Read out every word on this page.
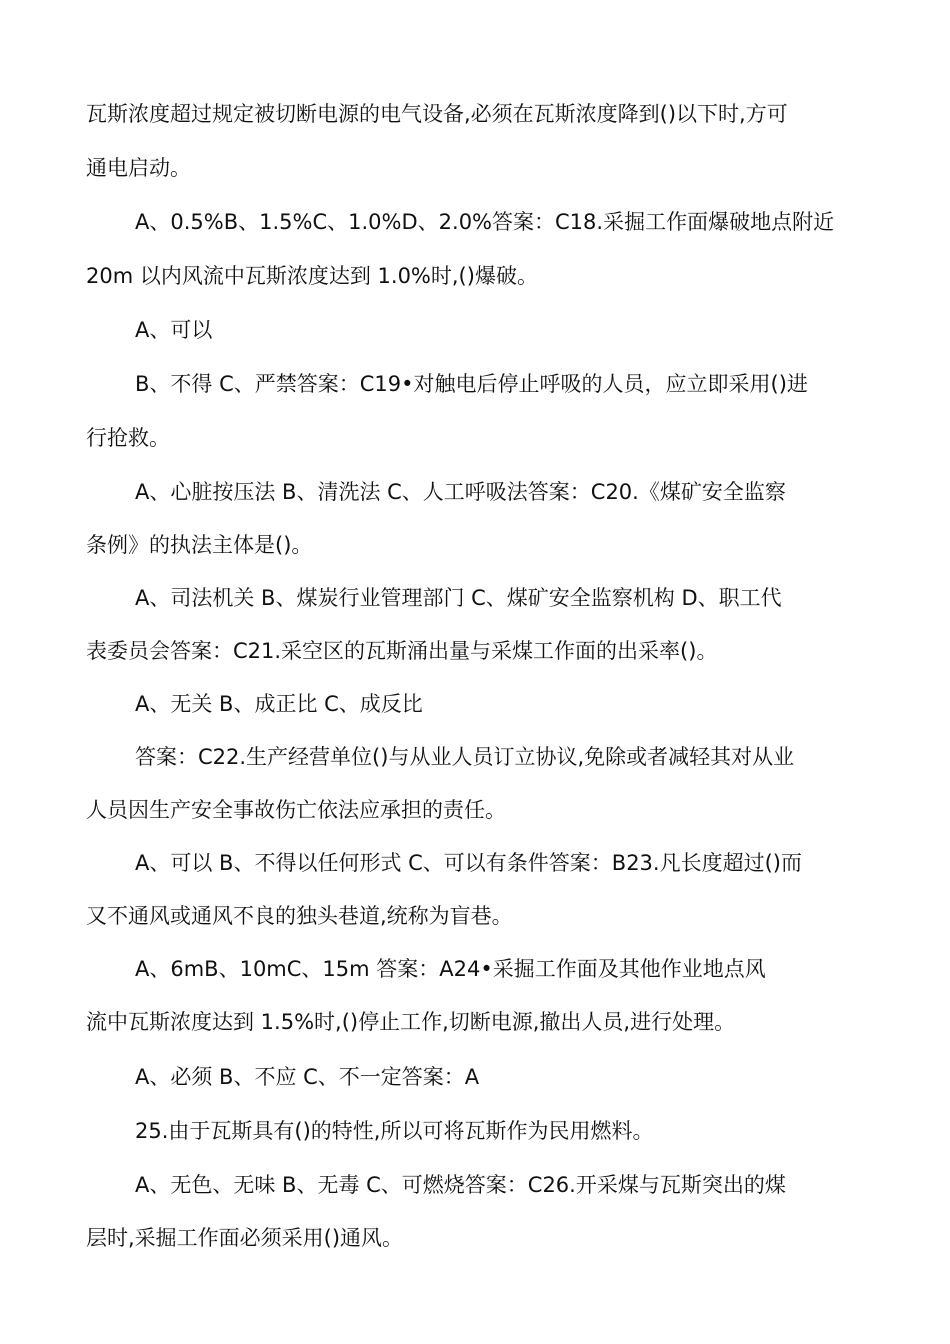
瓦斯浓度超过规定被切断电源的电气设备,必须在瓦斯浓度降到()以下时,方可
通电启动。
A、0.5%B、1.5%C、1.0%D、2.0%答案：C18.采掘工作面爆破地点附近
20m 以内风流中瓦斯浓度达到 1.0%时,()爆破。
A、可以
B、不得 C、严禁答案：C19•对触电后停止呼吸的人员，应立即采用()进
行抢救。
A、心脏按压法 B、清洗法 C、人工呼吸法答案：C20.《煤矿安全监察
条例》的执法主体是()。
A、司法机关 B、煤炭行业管理部门 C、煤矿安全监察机构 D、职工代
表委员会答案：C21.采空区的瓦斯涌出量与采煤工作面的出采率()。
A、无关 B、成正比 C、成反比
答案：C22.生产经营单位()与从业人员订立协议,免除或者减轻其对从业
人员因生产安全事故伤亡依法应承担的责任。
A、可以 B、不得以任何形式 C、可以有条件答案：B23.凡长度超过()而
又不通风或通风不良的独头巷道,统称为盲巷。
A、6mB、10mC、15m 答案：A24•采掘工作面及其他作业地点风
流中瓦斯浓度达到 1.5%时,()停止工作,切断电源,撤出人员,进行处理。
A、必须 B、不应 C、不一定答案：A
25.由于瓦斯具有()的特性,所以可将瓦斯作为民用燃料。
A、无色、无味 B、无毒 C、可燃烧答案：C26.开采煤与瓦斯突出的煤
层时,采掘工作面必须采用()通风。
